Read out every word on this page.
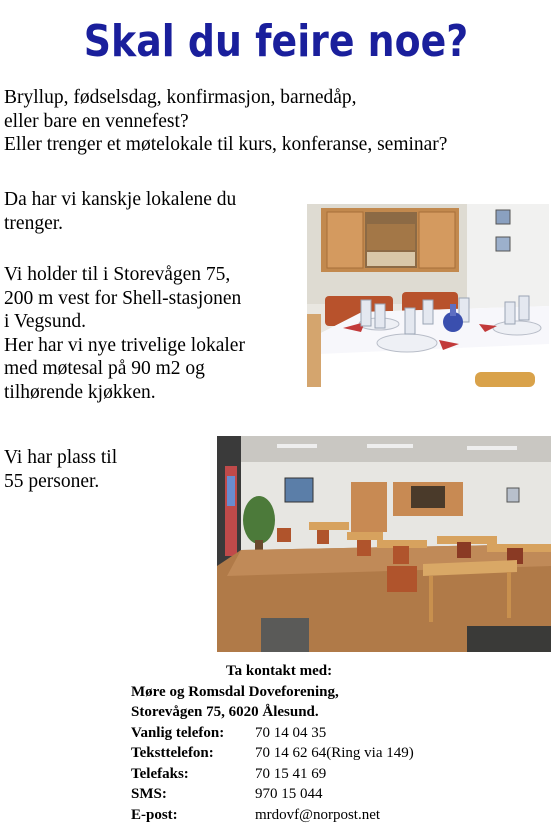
Skal du feire noe?
Bryllup, fødselsdag, konfirmasjon, barnedåp,
eller bare en vennefest?
Eller trenger et møtelokale til kurs, konferanse, seminar?
Da har vi kanskje lokalene du
trenger.
Vi holder til i Storevågen 75,
200 m vest for Shell-stasjonen
i Vegsund.
Her har vi nye trivelige lokaler
med møtesal på 90 m2 og
tilhørende kjøkken.
Vi har plass til
55 personer.
Ta kontakt med:
Møre og Romsdal Doveforening,
Storevågen 75, 6020 Ålesund.
Vanlig telefon: 70 14 04 35
Teksttelefon:	70 14 62 64(Ring via 149)
Telefaks:	70 15 41 69
SMS:	970 15 044
E-post:	mrdovf@norpost.net
